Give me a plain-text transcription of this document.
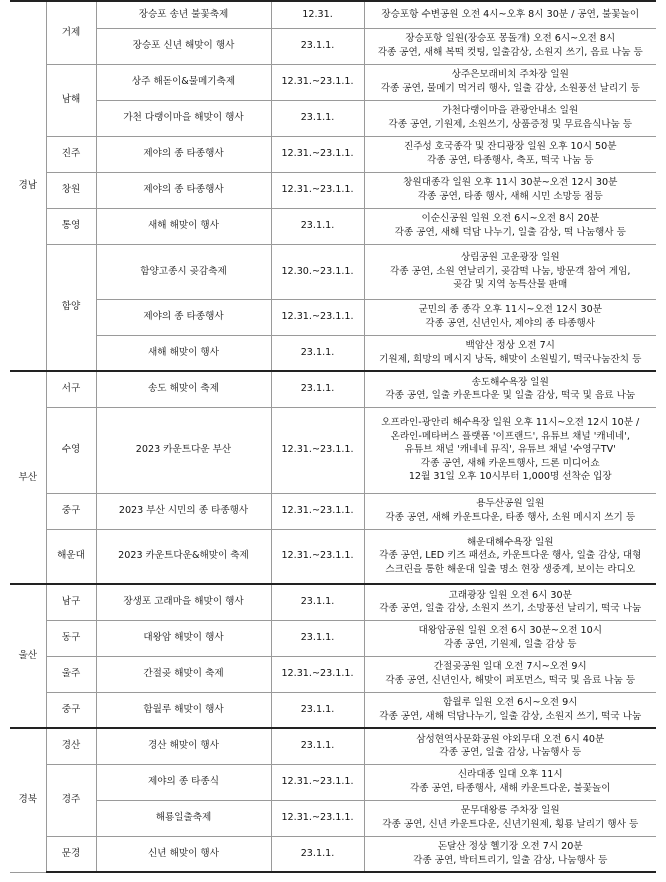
경남	거제	장승포 송년 불꽃축제	12.31.	장승포항 수변공원 오전 4시~오후 8시 30분 / 공연, 불꽃놀이
		장승포 신년 해맞이 행사	23.1.1.	장승포항 일원(장승포 몽돌개) 오전 6시~오전 8시
각종 공연, 새해 복떡 컷팅, 일출감상, 소원지 쓰기, 음료 나눔 등
	남해	상주 해돋이&물메기축제	12.31.~23.1.1.	상주은모래비치 주차장 일원
각종 공연, 물메기 먹거리 행사, 일출 감상, 소원풍선 날리기 등
		가천 다랭이마을 해맞이 행사	23.1.1.	가천다랭이마을 관광안내소 일원
각종 공연, 기원제, 소원쓰기, 상품증정 및 무료음식나눔 등
	진주	제야의 종 타종행사	12.31.~23.1.1.	진주성 호국종각 및 잔디광장 일원 오후 10시 50분
각종 공연, 타종행사, 축포, 떡국 나눔 등
	창원	제야의 종 타종행사	12.31.~23.1.1.	창원대종각 일원 오후 11시 30분~오전 12시 30분
각종 공연, 타종 행사, 새해 시민 소망등 점등
	통영	새해 해맞이 행사	23.1.1.	이순신공원 일원 오전 6시~오전 8시 20분
각종 공연, 새해 덕담 나누기, 일출 감상, 떡 나눔행사 등
	함양	함양고종시 곶감축제	12.30.~23.1.1.	상림공원 고운광장 일원
각종 공연, 소원 연날리기, 곶감떡 나눔, 방문객 참여 게임,
곶감 및 지역 농특산물 판매
		제야의 종 타종행사	12.31.~23.1.1.	군민의 종 종각 오후 11시~오전 12시 30분
각종 공연, 신년인사, 제야의 종 타종행사
		새해 해맞이 행사	23.1.1.	백암산 정상 오전 7시
기원제, 희망의 메시지 낭독, 해맞이 소원빌기, 떡국나눔잔치 등
부산	서구	송도 해맞이 축제	23.1.1.	송도해수욕장 일원
각종 공연, 일출 카운트다운 및 일출 감상, 떡국 및 음료 나눔
	수영	2023 카운트다운 부산	12.31.~23.1.1.	오프라인-광안리 해수욕장 일원 오후 11시~오전 12시 10분 /
온라인-메타버스 플랫폼 '이프랜드', 유튜브 채널 '캐네네',
유튜브 채널 '캐네네 뮤직', 유튜브 채널 '수영구TV'
각종 공연, 새해 카운트행사, 드론 미디어쇼
12월 31일 오후 10시부터 1,000명 선착순 입장
	중구	2023 부산 시민의 종 타종행사	12.31.~23.1.1.	용두산공원 일원
각종 공연, 새해 카운트다운, 타종 행사, 소원 메시지 쓰기 등
	해운대	2023 카운트다운&해맞이 축제	12.31.~23.1.1.	해운대해수욕장 일원
각종 공연, LED 키즈 패션쇼, 카운트다운 행사, 일출 감상, 대형
스크린을 통한 해운대 일출 명소 현장 생중계, 보이는 라디오
울산	남구	장생포 고래마을 해맞이 행사	23.1.1.	고래광장 일원 오전 6시 30분
각종 공연, 일출 감상, 소원지 쓰기, 소망풍선 날리기, 떡국 나눔
	동구	대왕암 해맞이 행사	23.1.1.	대왕암공원 일원 오전 6시 30분~오전 10시
각종 공연, 기원제, 일출 감상 등
	울주	간절곶 해맞이 축제	12.31.~23.1.1.	간절곶공원 일대 오전 7시~오전 9시
각종 공연, 신년인사, 해맞이 퍼포먼스, 떡국 및 음료 나눔 등
	중구	함월루 해맞이 행사	23.1.1.	함월루 일원 오전 6시~오전 9시
각종 공연, 새해 덕담나누기, 일출 감상, 소원지 쓰기, 떡국 나눔
경북	경산	경산 해맞이 행사	23.1.1.	삼성현역사문화공원 야외무대 오전 6시 40분
각종 공연, 일출 감상, 나눔행사 등
	경주	제야의 종 타종식	12.31.~23.1.1.	신라대종 일대 오후 11시
각종 공연, 타종행사, 새해 카운트다운, 불꽃놀이
		해룡일출축제	12.31.~23.1.1.	문무대왕릉 주차장 일원
각종 공연, 신년 카운트다운, 신년기원제, 횡룡 날리기 행사 등
	문경	신년 해맞이 행사	23.1.1.	돈달산 정상 헬기장 오전 7시 20분
각종 공연, 박터트리기, 일출 감상, 나눔행사 등
